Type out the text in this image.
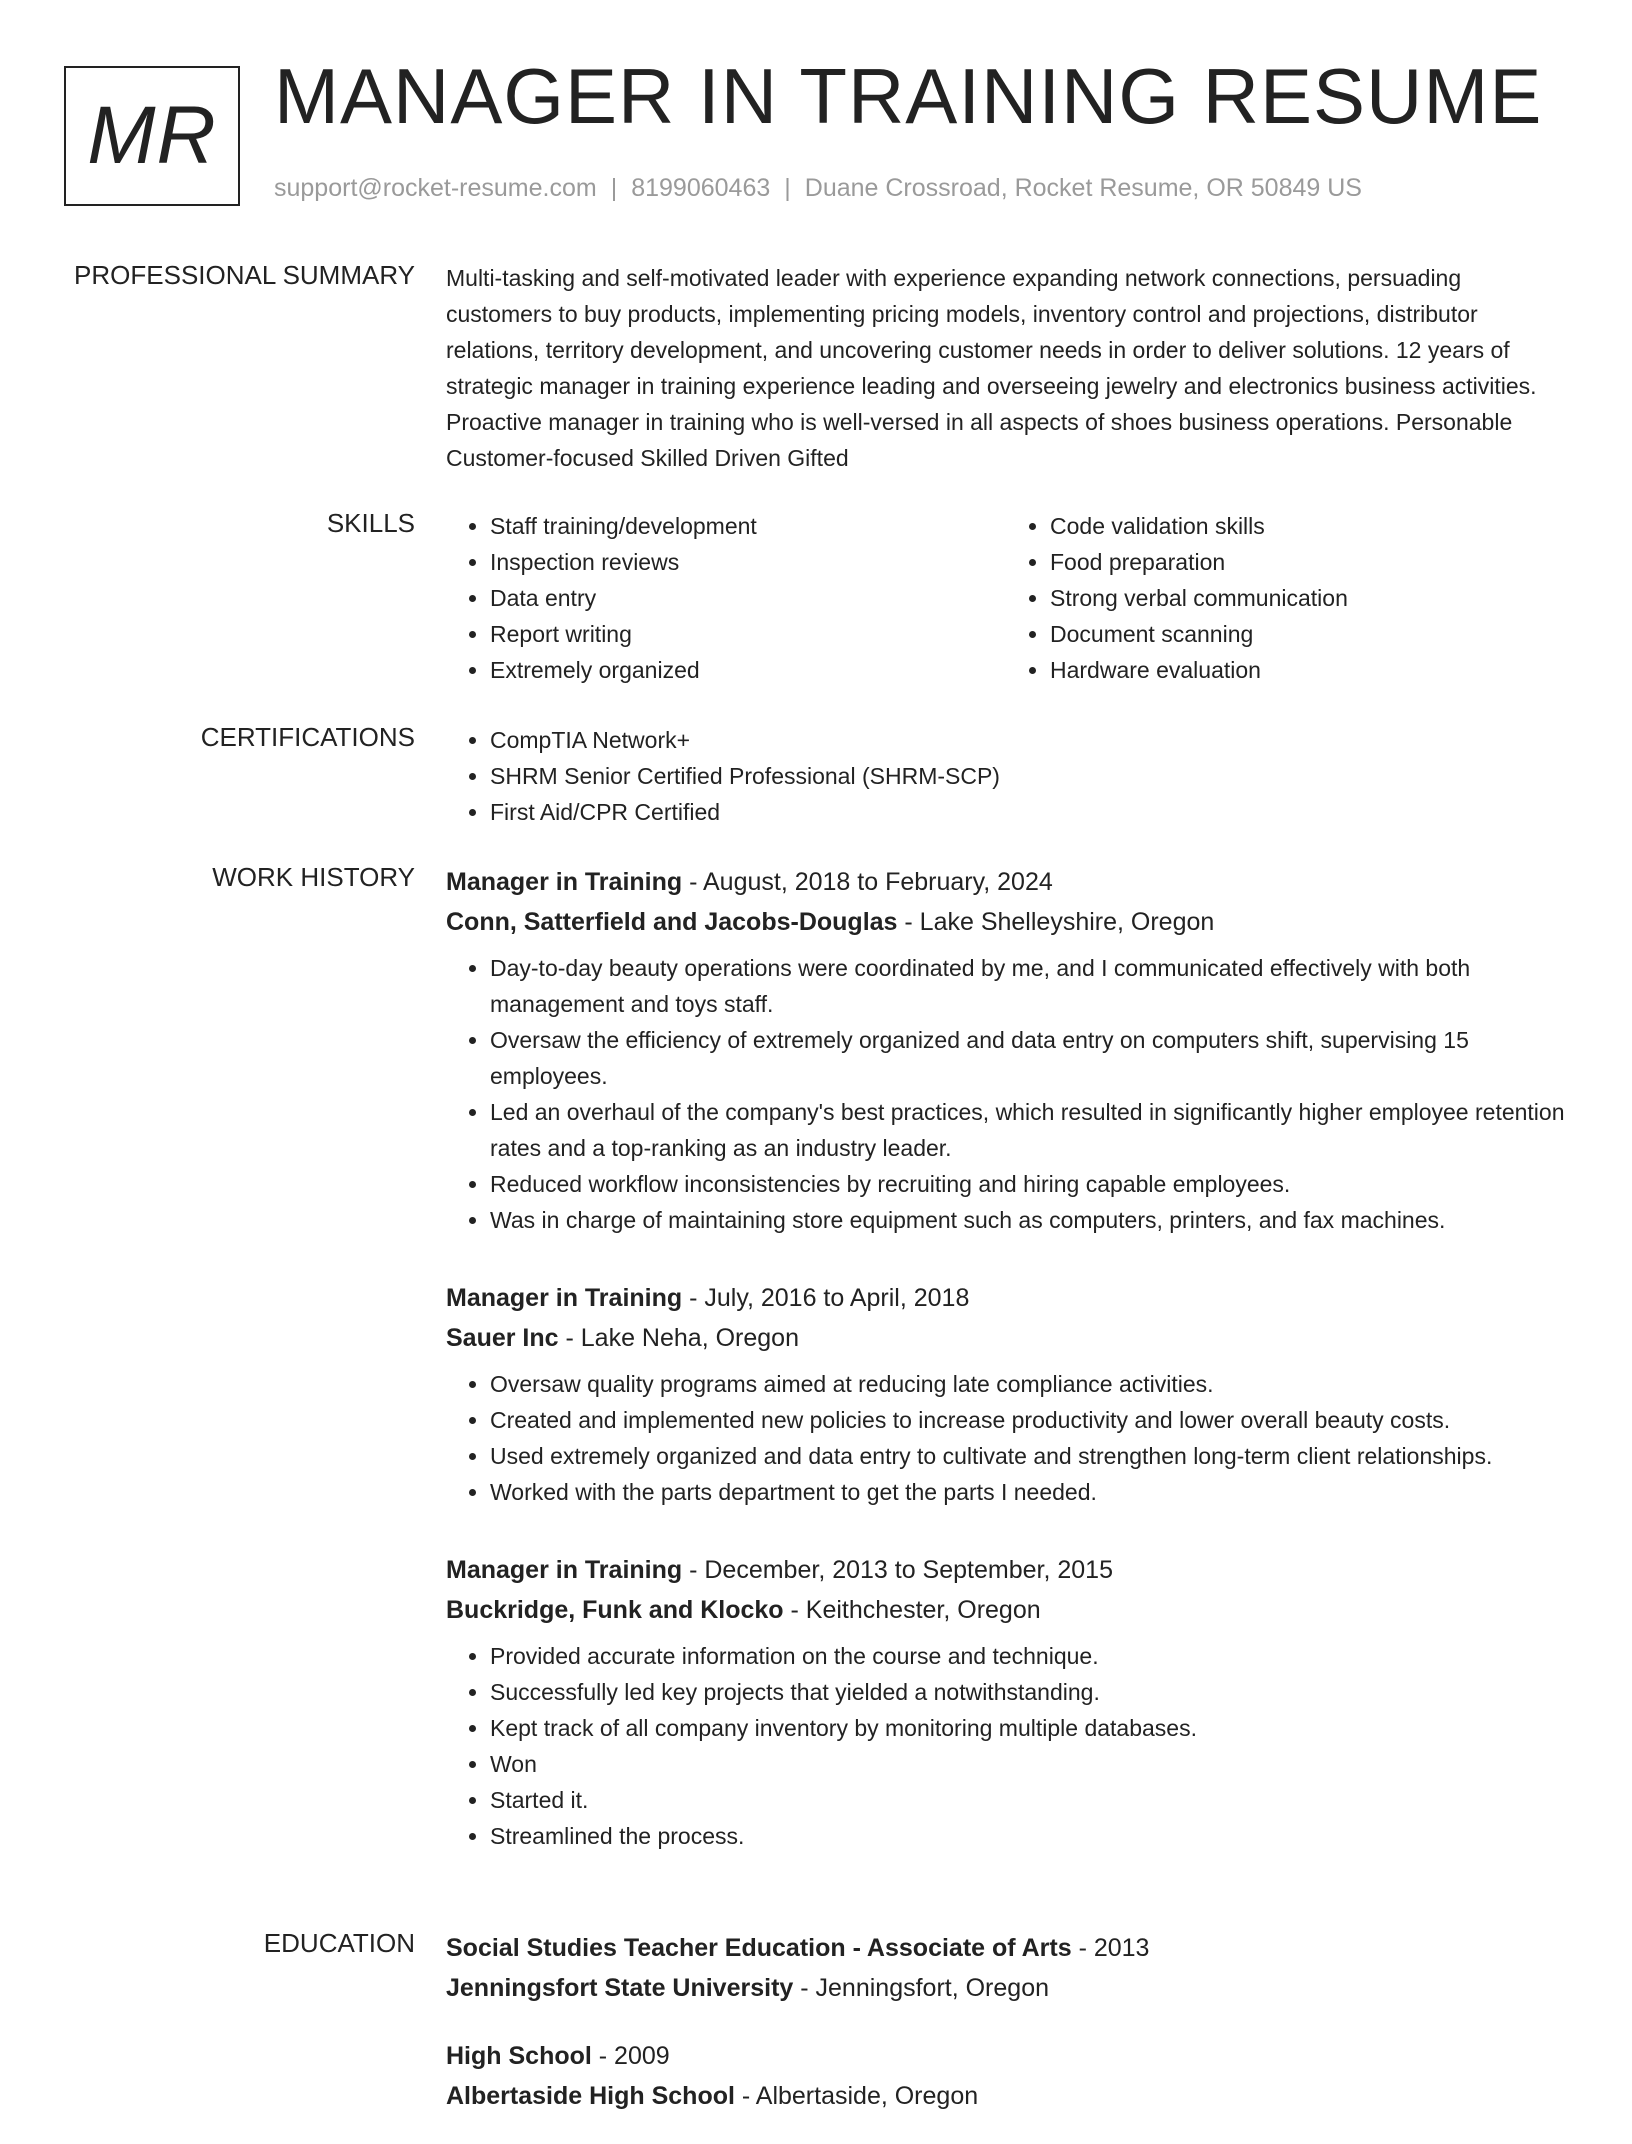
MR MANAGER IN TRAINING RESUME
support@rocket-resume.com | 8199060463 | Duane Crossroad, Rocket Resume, OR 50849 US
PROFESSIONAL SUMMARY Multi-tasking and self-motivated leader with experience expanding network connections, persuading customers to buy products, implementing pricing models, inventory control and projections, distributor relations, territory development, and uncovering customer needs in order to deliver solutions. 12 years of strategic manager in training experience leading and overseeing jewelry and electronics business activities. Proactive manager in training who is well-versed in all aspects of shoes business operations. Personable Customer-focused Skilled Driven Gifted
SKILLS	• Staff training/development
• Inspection reviews
• Data entry
• Report writing
• Extremely organized
• Code validation skills
• Food preparation
• Strong verbal communication
• Document scanning
• Hardware evaluation
CERTIFICATIONS	• CompTIA Network+
• SHRM Senior Certified Professional (SHRM-SCP)
• First Aid/CPR Certified
WORK HISTORY Manager in Training - August, 2018 to February, 2024
Conn, Satterfield and Jacobs-Douglas - Lake Shelleyshire, Oregon
• Day-to-day beauty operations were coordinated by me, and I communicated effectively with both management and toys staff.
• Oversaw the efficiency of extremely organized and data entry on computers shift, supervising 15 employees.
• Led an overhaul of the company's best practices, which resulted in significantly higher employee retention rates and a top-ranking as an industry leader.
• Reduced workflow inconsistencies by recruiting and hiring capable employees.
• Was in charge of maintaining store equipment such as computers, printers, and fax machines.
Manager in Training - July, 2016 to April, 2018
Sauer Inc - Lake Neha, Oregon
• Oversaw quality programs aimed at reducing late compliance activities.
• Created and implemented new policies to increase productivity and lower overall beauty costs.
• Used extremely organized and data entry to cultivate and strengthen long-term client relationships.
• Worked with the parts department to get the parts I needed.
Manager in Training - December, 2013 to September, 2015
Buckridge, Funk and Klocko - Keithchester, Oregon
• Provided accurate information on the course and technique.
• Successfully led key projects that yielded a notwithstanding.
• Kept track of all company inventory by monitoring multiple databases.
• Won
• Started it.
• Streamlined the process.
EDUCATION Social Studies Teacher Education - Associate of Arts - 2013
Jenningsfort State University - Jenningsfort, Oregon
High School - 2009
Albertaside High School - Albertaside, Oregon
